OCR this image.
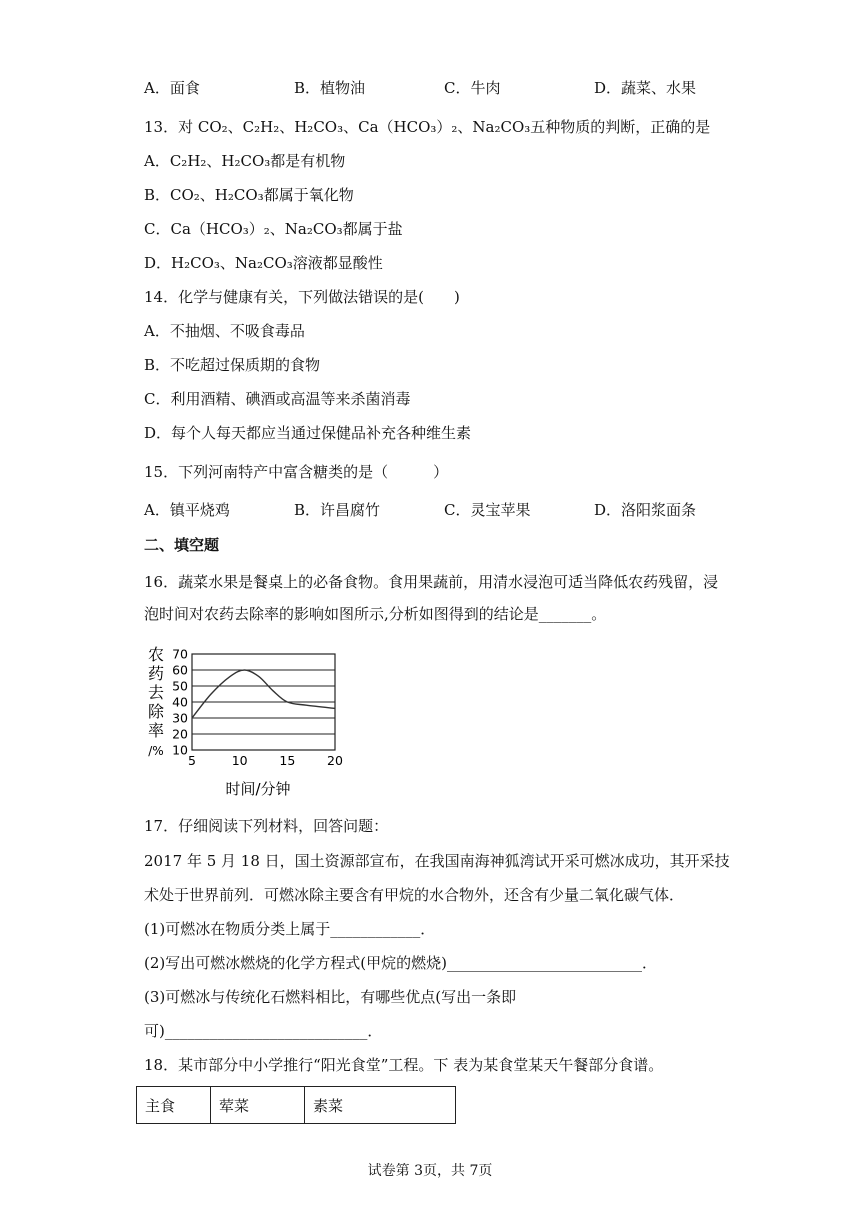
A．面食	B．植物油	C．牛肉	D．蔬菜、水果
13．对 CO₂、C₂H₂、H₂CO₃、Ca（HCO₃）₂、Na₂CO₃五种物质的判断，正确的是
A．C₂H₂、H₂CO₃都是有机物
B．CO₂、H₂CO₃都属于氧化物
C．Ca（HCO₃）₂、Na₂CO₃都属于盐
D．H₂CO₃、Na₂CO₃溶液都显酸性
14．化学与健康有关，下列做法错误的是(　　)
A．不抽烟、不吸食毒品
B．不吃超过保质期的食物
C．利用酒精、碘酒或高温等来杀菌消毒
D．每个人每天都应当通过保健品补充各种维生素
15．下列河南特产中富含糖类的是（　　　）
A．镇平烧鸡	B．许昌腐竹	C．灵宝苹果	D．洛阳浆面条
二、填空题
16．蔬菜水果是餐桌上的必备食物。食用果蔬前，用清水浸泡可适当降低农药残留，浸
泡时间对农药去除率的影响如图所示,分析如图得到的结论是_______。
农
药
去
除
率
/% 10
20
30
40
50
60
70
5	10	15	20
时间/分钟
17．仔细阅读下列材料，回答问题：
2017 年 5 月 18 日，国土资源部宣布，在我国南海神狐湾试开采可燃冰成功，其开采技
术处于世界前列．可燃冰除主要含有甲烷的水合物外，还含有少量二氧化碳气体．
(1)可燃冰在物质分类上属于____________．
(2)写出可燃冰燃烧的化学方程式(甲烷的燃烧)__________________________．
(3)可燃冰与传统化石燃料相比，有哪些优点(写出一条即
可)___________________________．
18．某市部分中小学推行“阳光食堂”工程。下 表为某食堂某天午餐部分食谱。
主食	荤菜	素菜
试卷第 3页，共 7页
